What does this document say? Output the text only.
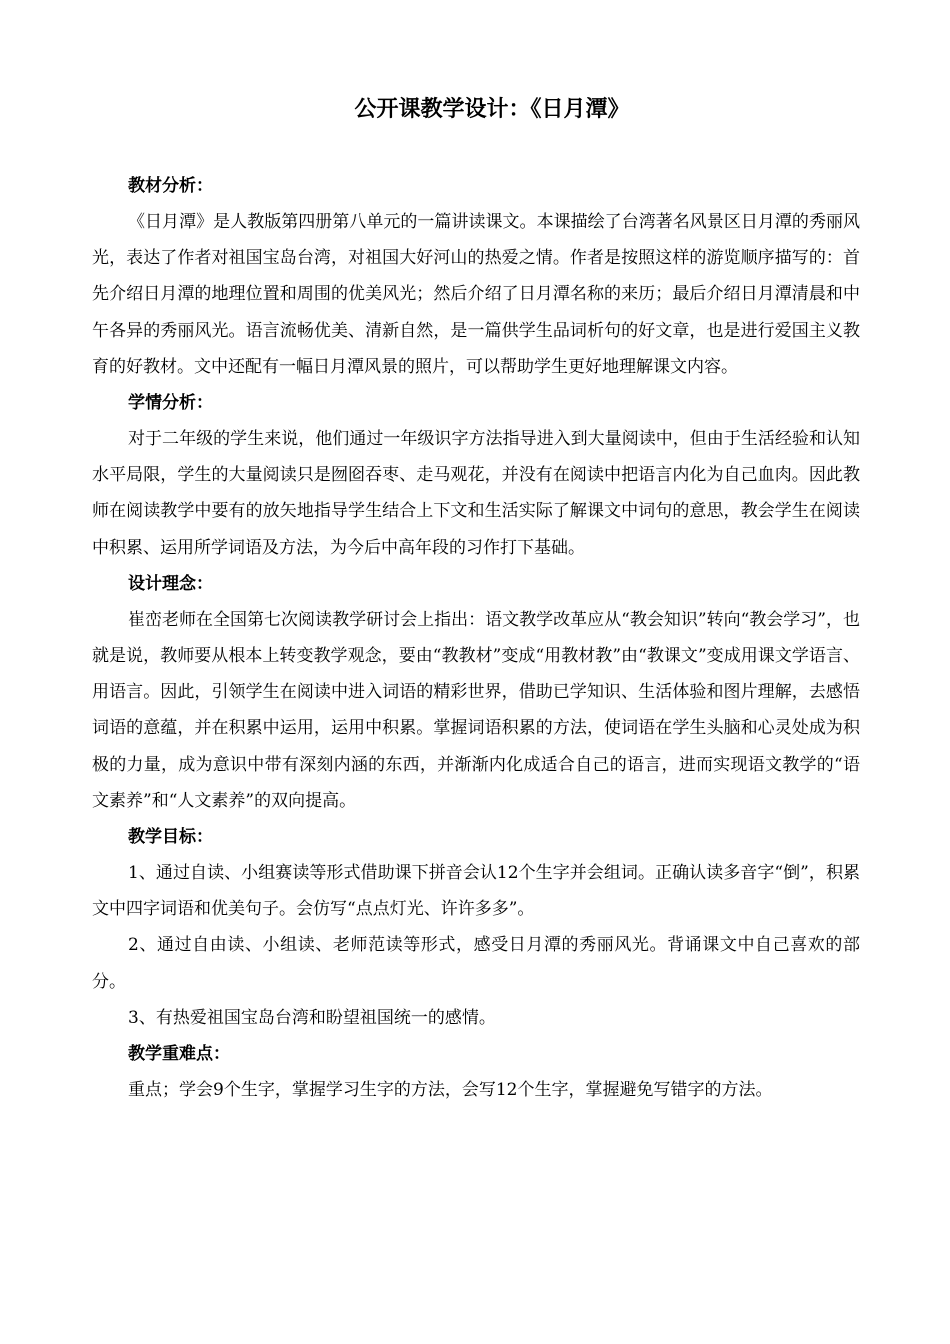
公开课教学设计：《日月潭》
教材分析：

《日月潭》是人教版第四册第八单元的一篇讲读课文。本课描绘了台湾著名风景区日月潭的秀丽风光，表达了作者对祖国宝岛台湾，对祖国大好河山的热爱之情。作者是按照这样的游览顺序描写的：首先介绍日月潭的地理位置和周围的优美风光；然后介绍了日月潭名称的来历；最后介绍日月潭清晨和中午各异的秀丽风光。语言流畅优美、清新自然，是一篇供学生品词析句的好文章，也是进行爱国主义教育的好教材。文中还配有一幅日月潭风景的照片，可以帮助学生更好地理解课文内容。

学情分析：

对于二年级的学生来说，他们通过一年级识字方法指导进入到大量阅读中，但由于生活经验和认知水平局限，学生的大量阅读只是囫囵吞枣、走马观花，并没有在阅读中把语言内化为自己血肉。因此教师在阅读教学中要有的放矢地指导学生结合上下文和生活实际了解课文中词句的意思，教会学生在阅读中积累、运用所学词语及方法，为今后中高年段的习作打下基础。

设计理念：

崔峦老师在全国第七次阅读教学研讨会上指出：语文教学改革应从“教会知识”转向“教会学习”，也就是说，教师要从根本上转变教学观念，要由“教教材”变成“用教材教”由“教课文”变成用课文学语言、用语言。因此，引领学生在阅读中进入词语的精彩世界，借助已学知识、生活体验和图片理解，去感悟词语的意蕴，并在积累中运用，运用中积累。掌握词语积累的方法，使词语在学生头脑和心灵处成为积极的力量，成为意识中带有深刻内涵的东西，并渐渐内化成适合自己的语言，进而实现语文教学的“语文素养”和“人文素养”的双向提高。

教学目标：

1、通过自读、小组赛读等形式借助课下拼音会认12个生字并会组词。正确认读多音字“倒”，积累文中四字词语和优美句子。会仿写“点点灯光、许许多多”。

2、通过自由读、小组读、老师范读等形式，感受日月潭的秀丽风光。背诵课文中自己喜欢的部分。

3、有热爱祖国宝岛台湾和盼望祖国统一的感情。

教学重难点：

重点；学会9个生字，掌握学习生字的方法，会写12个生字，掌握避免写错字的方法。
